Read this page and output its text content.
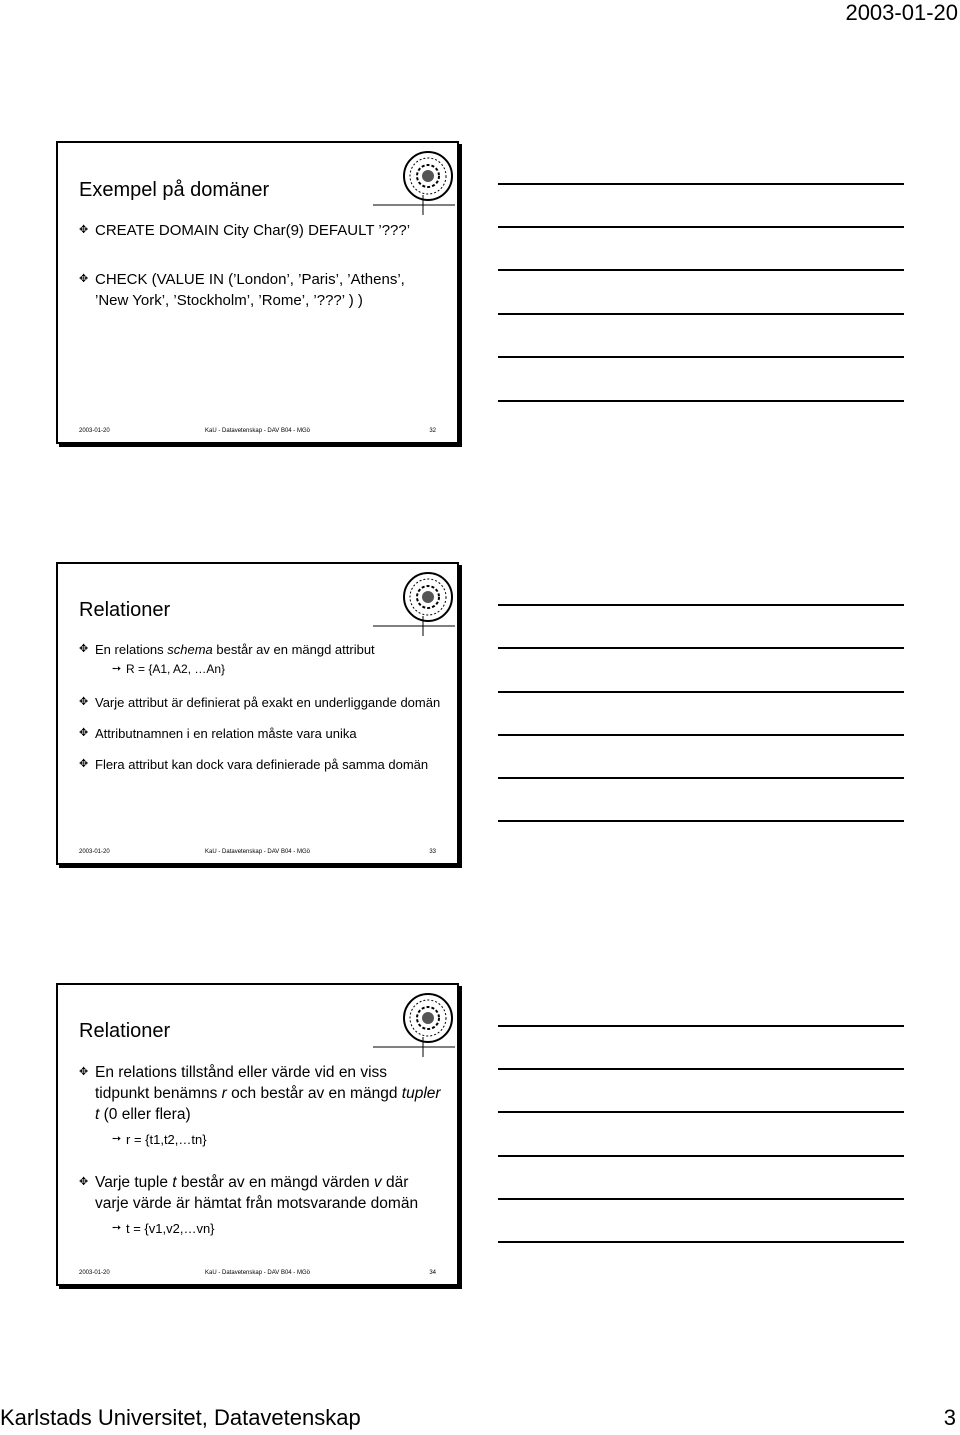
2003-01-20
Exempel på domäner
✥ CREATE DOMAIN City Char(9) DEFAULT ’???’
✥ CHECK (VALUE IN (’London’, ’Paris’, ’Athens’, ’New York’, ’Stockholm’, ’Rome’, ’???’ ) )
2003-01-20	KaU - Datavetenskap - DAV B04 - MGö	32
Relationer
✥ En relations schema består av en mängd attribut
➙ R = {A1, A2, …An}
✥ Varje attribut är definierat på exakt en underliggande domän
✥ Attributnamnen i en relation måste vara unika
✥ Flera attribut kan dock vara definierade på samma domän
2003-01-20	KaU - Datavetenskap - DAV B04 - MGö	33
Relationer
✥ En relations tillstånd eller värde vid en viss tidpunkt benämns r och består av en mängd tupler t (0 eller flera)
➙ r = {t1,t2,…tn}
✥ Varje tuple t består av en mängd värden v där varje värde är hämtat från motsvarande domän
➙ t = {v1,v2,…vn}
2003-01-20	KaU - Datavetenskap - DAV B04 - MGö	34
Karlstads Universitet, Datavetenskap	3
